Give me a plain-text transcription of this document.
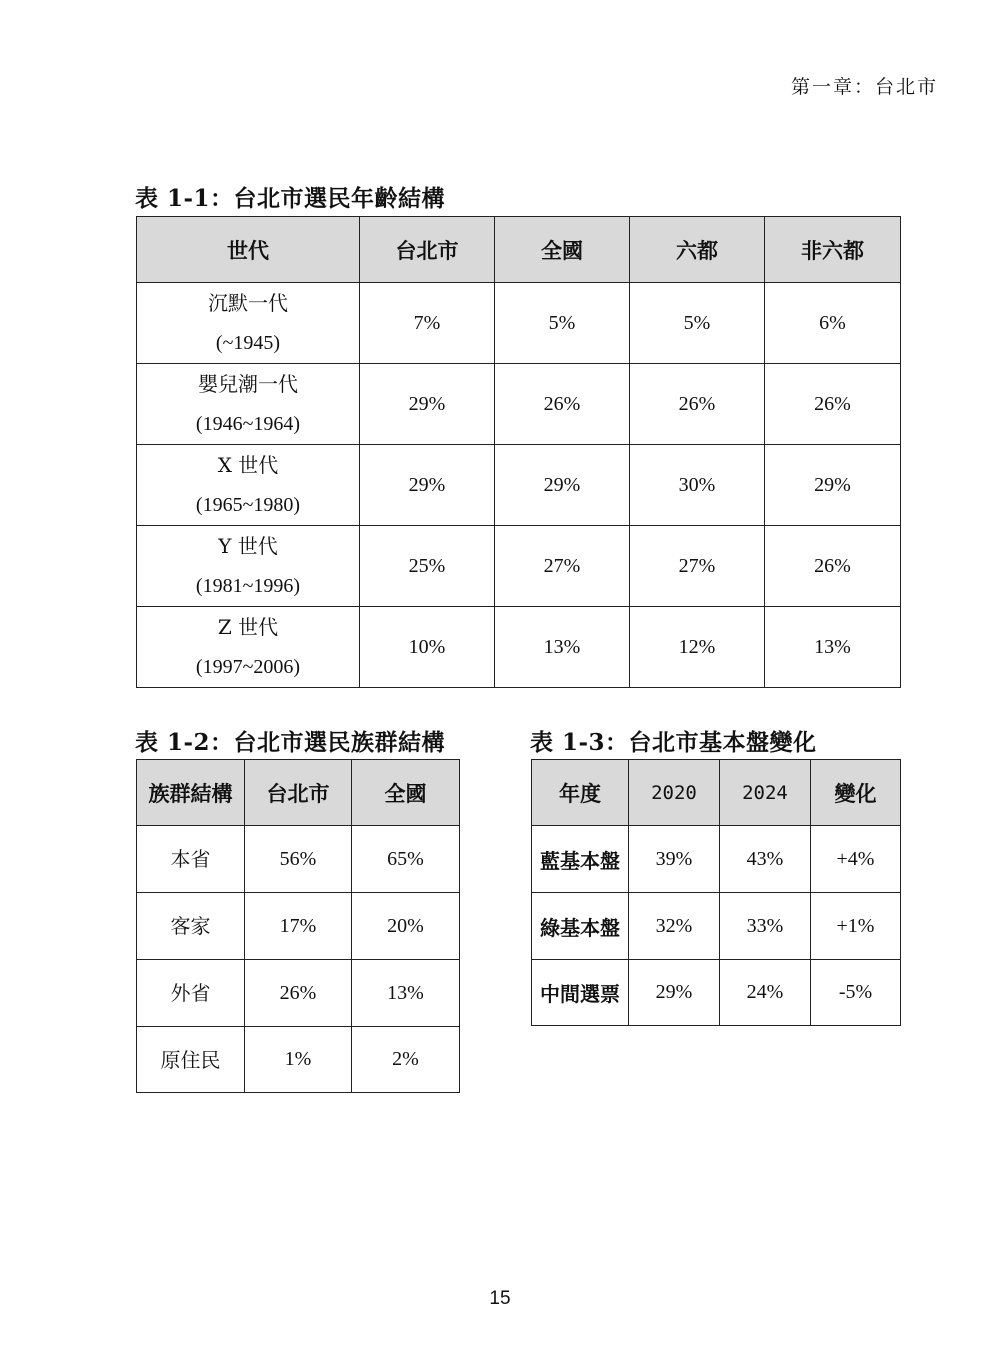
第一章：台北市
表 1-1：台北市選民年齡結構
世代	台北市	全國	六都	非六都

沉默一代
(~1945)	7%	5%	5%	6%

嬰兒潮一代
(1946~1964)	29%	26%	26%	26%

X 世代
(1965~1980)	29%	29%	30%	29%

Y 世代
(1981~1996)	25%	27%	27%	26%

Z 世代
(1997~2006)	10%	13%	12%	13%
表 1-2：台北市選民族群結構
族群結構	台北市	全國
本省	56%	65%
客家	17%	20%
外省	26%	13%
原住民	1%	2%
表 1-3：台北市基本盤變化
年度	2020	2024	變化
藍基本盤	39%	43%	+4%
綠基本盤	32%	33%	+1%
中間選票	29%	24%	-5%
15
